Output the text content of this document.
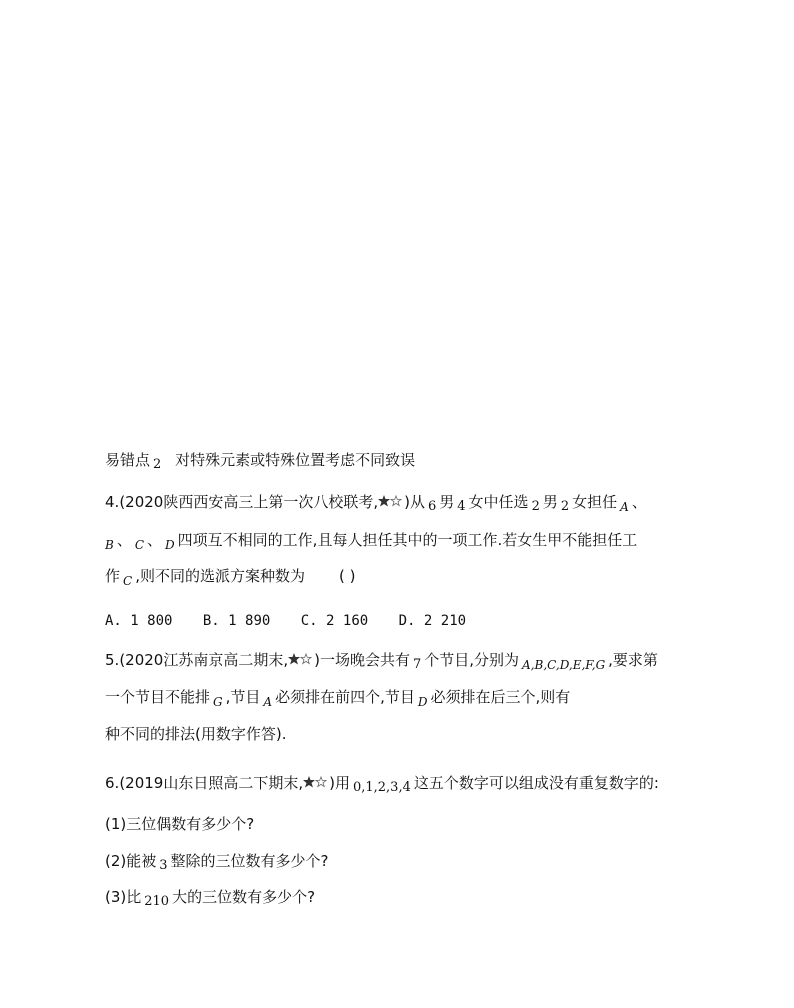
易错点 2 对特殊元素或特殊位置考虑不同致误
4.(2020陕西西安高三上第一次八校联考, )从 6 男 4 女中任选 2 男 2 女担任 $_A$ 、
$_B$ 、 $_C$ 、 $_D$ 四项互不相同的工作,且每人担任其中的一项工作.若女生甲不能担任工
作 $_C$ ,则不同的选派方案种数为 ( )
A. 1 800 B. 1 890 C. 2 160 D. 2 210
5.(2020江苏南京高二期末, )一场晚会共有 7 个节目,分别为 $_{A,B,C,D,E,F,G}$ ,要求第
一个节目不能排 $_G$ ,节目 $_A$ 必须排在前四个,节目 $_D$ 必须排在后三个,则有
种不同的排法(用数字作答).
6.(2019山东日照高二下期末, )用 0,1,2,3,4 这五个数字可以组成没有重复数字的:
(1)三位偶数有多少个?
(2)能被 3 整除的三位数有多少个?
(3)比 210 大的三位数有多少个?
